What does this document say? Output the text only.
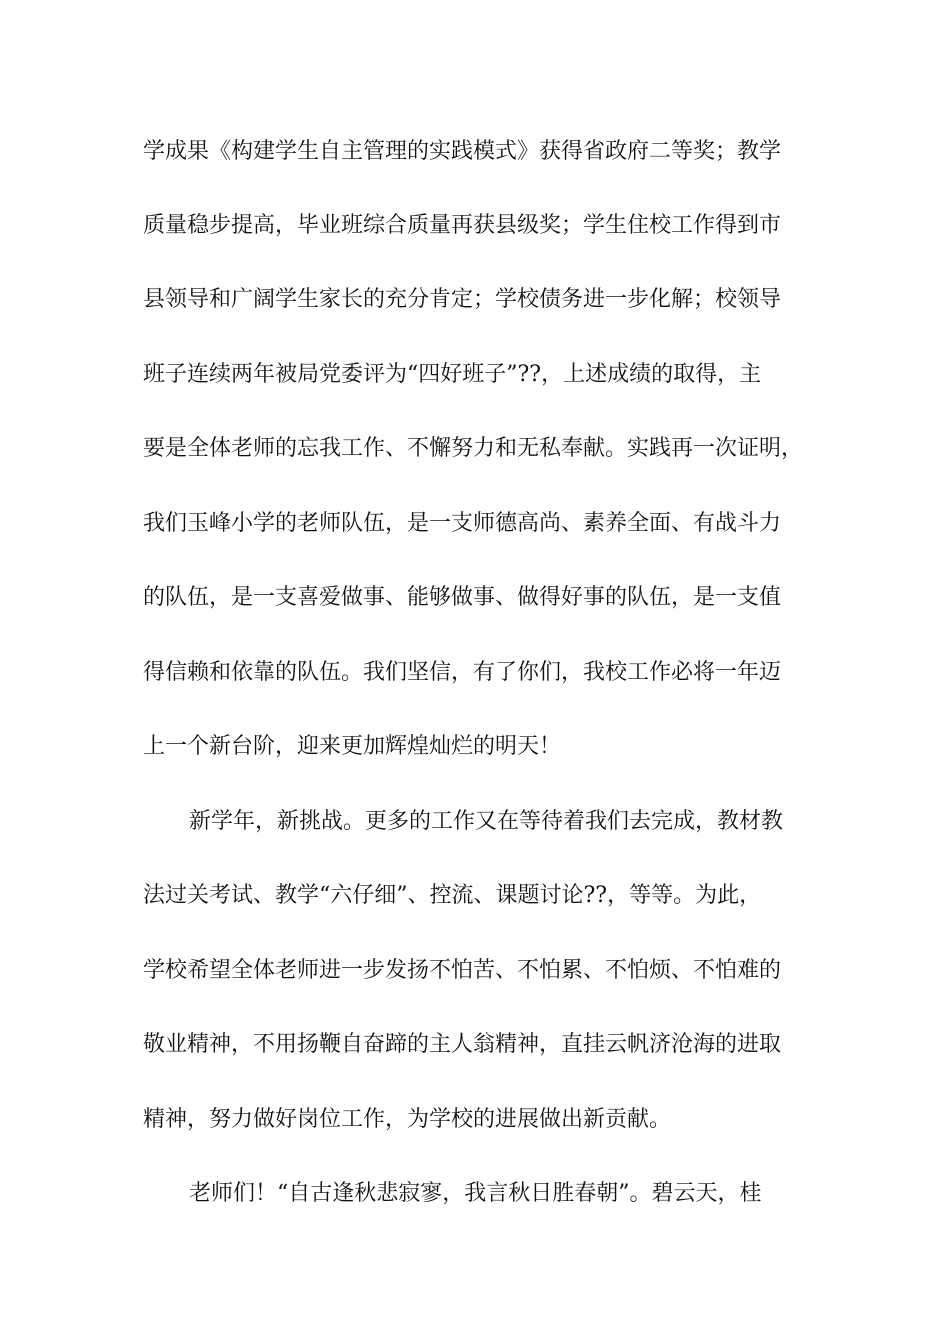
学成果《构建学生自主管理的实践模式》获得省政府二等奖；教学
质量稳步提高，毕业班综合质量再获县级奖；学生住校工作得到市
县领导和广阔学生家长的充分肯定；学校债务进一步化解；校领导
班子连续两年被局党委评为“四好班子”??，上述成绩的取得，主
要是全体老师的忘我工作、不懈努力和无私奉献。实践再一次证明，
我们玉峰小学的老师队伍，是一支师德高尚、素养全面、有战斗力
的队伍，是一支喜爱做事、能够做事、做得好事的队伍，是一支值
得信赖和依靠的队伍。我们坚信，有了你们，我校工作必将一年迈
上一个新台阶，迎来更加辉煌灿烂的明天！
新学年，新挑战。更多的工作又在等待着我们去完成，教材教
法过关考试、教学“六仔细”、控流、课题讨论??，等等。为此，
学校希望全体老师进一步发扬不怕苦、不怕累、不怕烦、不怕难的
敬业精神，不用扬鞭自奋蹄的主人翁精神，直挂云帆济沧海的进取
精神，努力做好岗位工作，为学校的进展做出新贡献。
老师们！“自古逢秋悲寂寥，我言秋日胜春朝”。碧云天，桂
